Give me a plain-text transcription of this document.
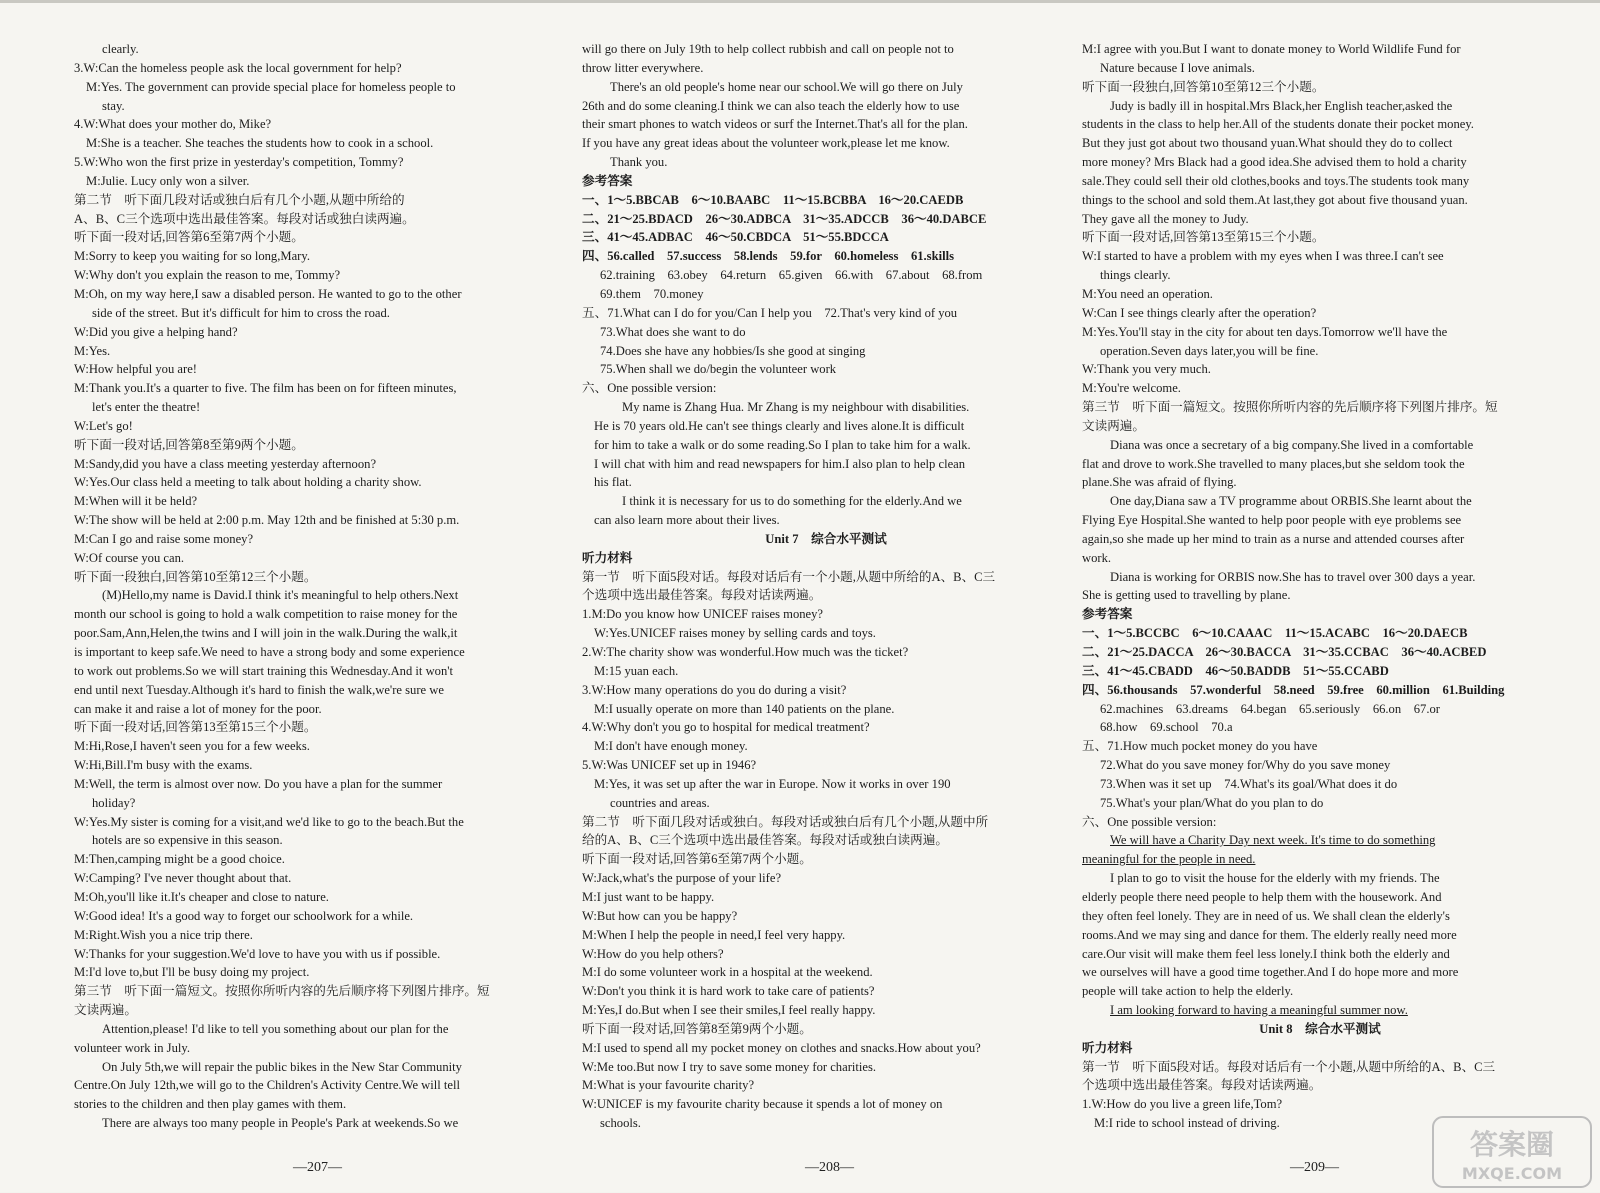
clearly.
3.W:Can the homeless people ask the local government for help?
M:Yes. The government can provide special place for homeless people to
stay.
4.W:What does your mother do, Mike?
M:She is a teacher. She teaches the students how to cook in a school.
5.W:Who won the first prize in yesterday's competition, Tommy?
M:Julie. Lucy only won a silver.
第二节　听下面几段对话或独白后有几个小题,从题中所给的
A、B、C三个选项中选出最佳答案。每段对话或独白读两遍。
听下面一段对话,回答第6至第7两个小题。
M:Sorry to keep you waiting for so long,Mary.
W:Why don't you explain the reason to me, Tommy?
M:Oh, on my way here,I saw a disabled person. He wanted to go to the other
side of the street. But it's difficult for him to cross the road.
W:Did you give a helping hand?
M:Yes.
W:How helpful you are!
M:Thank you.It's a quarter to five. The film has been on for fifteen minutes,
let's enter the theatre!
W:Let's go!
听下面一段对话,回答第8至第9两个小题。
M:Sandy,did you have a class meeting yesterday afternoon?
W:Yes.Our class held a meeting to talk about holding a charity show.
M:When will it be held?
W:The show will be held at 2:00 p.m. May 12th and be finished at 5:30 p.m.
M:Can I go and raise some money?
W:Of course you can.
听下面一段独白,回答第10至第12三个小题。
(M)Hello,my name is David.I think it's meaningful to help others.Next
month our school is going to hold a walk competition to raise money for the
poor.Sam,Ann,Helen,the twins and I will join in the walk.During the walk,it
is important to keep safe.We need to have a strong body and some experience
to work out problems.So we will start training this Wednesday.And it won't
end until next Tuesday.Although it's hard to finish the walk,we're sure we
can make it and raise a lot of money for the poor.
听下面一段对话,回答第13至第15三个小题。
M:Hi,Rose,I haven't seen you for a few weeks.
W:Hi,Bill.I'm busy with the exams.
M:Well, the term is almost over now. Do you have a plan for the summer
holiday?
W:Yes.My sister is coming for a visit,and we'd like to go to the beach.But the
hotels are so expensive in this season.
M:Then,camping might be a good choice.
W:Camping? I've never thought about that.
M:Oh,you'll like it.It's cheaper and close to nature.
W:Good idea! It's a good way to forget our schoolwork for a while.
M:Right.Wish you a nice trip there.
W:Thanks for your suggestion.We'd love to have you with us if possible.
M:I'd love to,but I'll be busy doing my project.
第三节　听下面一篇短文。按照你所听内容的先后顺序将下列图片排序。短
文读两遍。
Attention,please! I'd like to tell you something about our plan for the
volunteer work in July.
On July 5th,we will repair the public bikes in the New Star Community
Centre.On July 12th,we will go to the Children's Activity Centre.We will tell
stories to the children and then play games with them.
There are always too many people in People's Park at weekends.So we
will go there on July 19th to help collect rubbish and call on people not to
throw litter everywhere.
There's an old people's home near our school.We will go there on July
26th and do some cleaning.I think we can also teach the elderly how to use
their smart phones to watch videos or surf the Internet.That's all for the plan.
If you have any great ideas about the volunteer work,please let me know.
Thank you.
参考答案
一、1～5.BBCAB　6～10.BAABC　11～15.BCBBA　16～20.CAEDB
二、21～25.BDACD　26～30.ADBCA　31～35.ADCCB　36～40.DABCE
三、41～45.ADBAC　46～50.CBDCA　51～55.BDCCA
四、56.called　57.success　58.lends　59.for　60.homeless　61.skills
62.training　63.obey　64.return　65.given　66.with　67.about　68.from
69.them　70.money
五、71.What can I do for you/Can I help you　72.That's very kind of you
73.What does she want to do
74.Does she have any hobbies/Is she good at singing
75.When shall we do/begin the volunteer work
六、One possible version:
My name is Zhang Hua. Mr Zhang is my neighbour with disabilities.
He is 70 years old.He can't see things clearly and lives alone.It is difficult
for him to take a walk or do some reading.So I plan to take him for a walk.
I will chat with him and read newspapers for him.I also plan to help clean
his flat.
I think it is necessary for us to do something for the elderly.And we
can also learn more about their lives.
Unit 7　综合水平测试
听力材料
第一节　听下面5段对话。每段对话后有一个小题,从题中所给的A、B、C三
个选项中选出最佳答案。每段对话读两遍。
1.M:Do you know how UNICEF raises money?
W:Yes.UNICEF raises money by selling cards and toys.
2.W:The charity show was wonderful.How much was the ticket?
M:15 yuan each.
3.W:How many operations do you do during a visit?
M:I usually operate on more than 140 patients on the plane.
4.W:Why don't you go to hospital for medical treatment?
M:I don't have enough money.
5.W:Was UNICEF set up in 1946?
M:Yes, it was set up after the war in Europe. Now it works in over 190
countries and areas.
第二节　听下面几段对话或独白。每段对话或独白后有几个小题,从题中所
给的A、B、C三个选项中选出最佳答案。每段对话或独白读两遍。
听下面一段对话,回答第6至第7两个小题。
W:Jack,what's the purpose of your life?
M:I just want to be happy.
W:But how can you be happy?
M:When I help the people in need,I feel very happy.
W:How do you help others?
M:I do some volunteer work in a hospital at the weekend.
W:Don't you think it is hard work to take care of patients?
M:Yes,I do.But when I see their smiles,I feel really happy.
听下面一段对话,回答第8至第9两个小题。
M:I used to spend all my pocket money on clothes and snacks.How about you?
W:Me too.But now I try to save some money for charities.
M:What is your favourite charity?
W:UNICEF is my favourite charity because it spends a lot of money on
schools.
M:I agree with you.But I want to donate money to World Wildlife Fund for
Nature because I love animals.
听下面一段独白,回答第10至第12三个小题。
Judy is badly ill in hospital.Mrs Black,her English teacher,asked the
students in the class to help her.All of the students donate their pocket money.
But they just got about two thousand yuan.What should they do to collect
more money? Mrs Black had a good idea.She advised them to hold a charity
sale.They could sell their old clothes,books and toys.The students took many
things to the school and sold them.At last,they got about five thousand yuan.
They gave all the money to Judy.
听下面一段对话,回答第13至第15三个小题。
W:I started to have a problem with my eyes when I was three.I can't see
things clearly.
M:You need an operation.
W:Can I see things clearly after the operation?
M:Yes.You'll stay in the city for about ten days.Tomorrow we'll have the
operation.Seven days later,you will be fine.
W:Thank you very much.
M:You're welcome.
第三节　听下面一篇短文。按照你所听内容的先后顺序将下列图片排序。短
文读两遍。
Diana was once a secretary of a big company.She lived in a comfortable
flat and drove to work.She travelled to many places,but she seldom took the
plane.She was afraid of flying.
One day,Diana saw a TV programme about ORBIS.She learnt about the
Flying Eye Hospital.She wanted to help poor people with eye problems see
again,so she made up her mind to train as a nurse and attended courses after
work.
Diana is working for ORBIS now.She has to travel over 300 days a year.
She is getting used to travelling by plane.
参考答案
一、1～5.BCCBC　6～10.CAAAC　11～15.ACABC　16～20.DAECB
二、21～25.DACCA　26～30.BACCA　31～35.CCBAC　36～40.ACBED
三、41～45.CBADD　46～50.BADDB　51～55.CCABD
四、56.thousands　57.wonderful　58.need　59.free　60.million　61.Building
62.machines　63.dreams　64.began　65.seriously　66.on　67.or
68.how　69.school　70.a
五、71.How much pocket money do you have
72.What do you save money for/Why do you save money
73.When was it set up　74.What's its goal/What does it do
75.What's your plan/What do you plan to do
六、One possible version:
We will have a Charity Day next week. It's time to do something
meaningful for the people in need.
I plan to go to visit the house for the elderly with my friends. The
elderly people there need people to help them with the housework. And
they often feel lonely. They are in need of us. We shall clean the elderly's
rooms.And we may sing and dance for them. The elderly really need more
care.Our visit will make them feel less lonely.I think both the elderly and
we ourselves will have a good time together.And I do hope more and more
people will take action to help the elderly.
I am looking forward to having a meaningful summer now.
Unit 8　综合水平测试
听力材料
第一节　听下面5段对话。每段对话后有一个小题,从题中所给的A、B、C三
个选项中选出最佳答案。每段对话读两遍。
1.W:How do you live a green life,Tom?
M:I ride to school instead of driving.
—207—	—208—	—209—
答案圈
MXQE.COM
